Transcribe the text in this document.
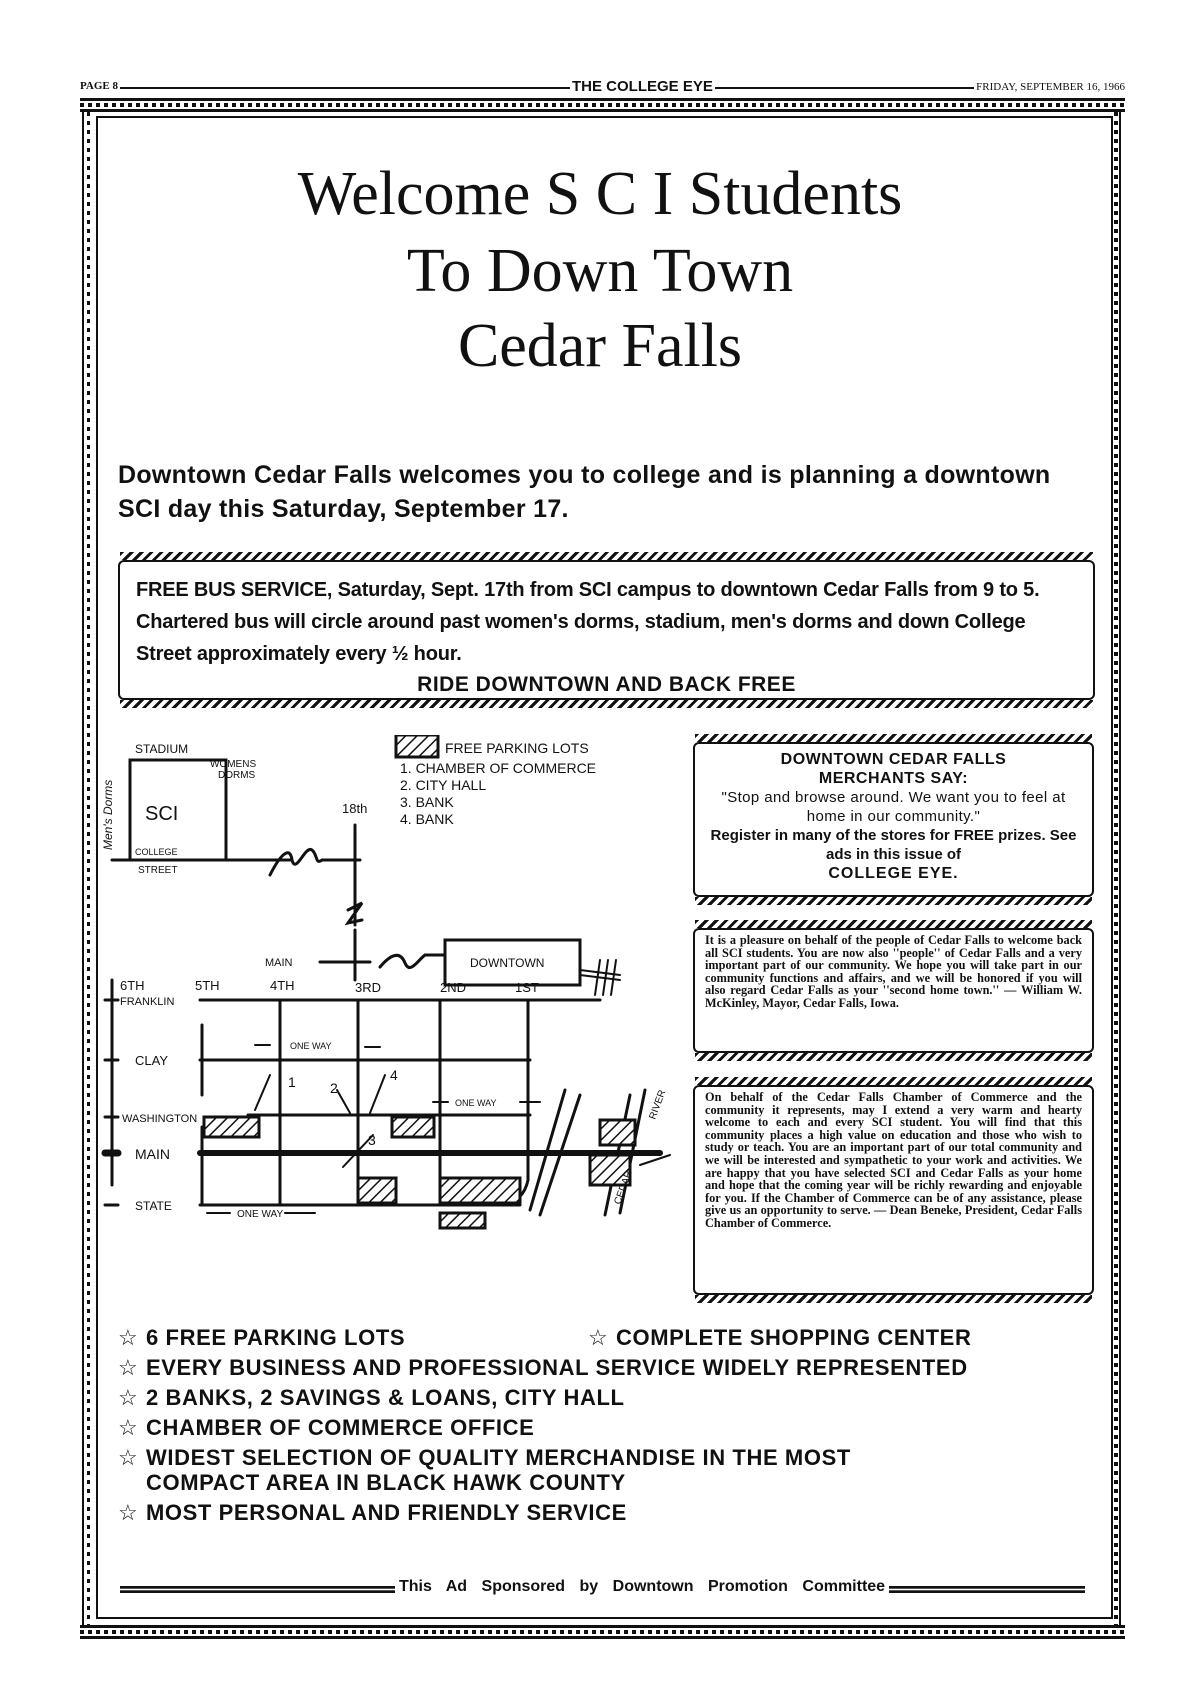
PAGE 8	THE COLLEGE EYE	FRIDAY, SEPTEMBER 16, 1966
Welcome S C I Students
To Down Town
Cedar Falls
Downtown Cedar Falls welcomes you to college and is planning a downtown SCI day this Saturday, September 17.
FREE BUS SERVICE, Saturday, Sept. 17th from SCI campus to downtown Cedar Falls from 9 to 5. Chartered bus will circle around past women's dorms, stadium, men's dorms and down College Street approximately every ½ hour.
RIDE DOWNTOWN AND BACK FREE
STADIUM
WOMENS
DORMS
Men's Dorms SCI
COLLEGE
STREET
18th
MAIN	DOWNTOWN
FREE PARKING LOTS
1. CHAMBER OF COMMERCE
2. CITY HALL
3. BANK
4. BANK
6TH	5TH	4TH	3RD	2ND	1ST
FRANKLIN
CLAY
WASHINGTON
MAIN
STATE
ONE WAY
ONE WAY
ONE WAY
1 2
3
4
RIVER
CEDAR
DOWNTOWN CEDAR FALLS
MERCHANTS SAY:
"Stop and browse around. We want you to feel at home in our community."
Register in many of the stores for FREE prizes. See ads in this issue of
COLLEGE EYE.
It is a pleasure on behalf of the people of Cedar Falls to welcome back all SCI students. You are now also ''people'' of Cedar Falls and a very important part of our community. We hope you will take part in our community functions and affairs, and we will be honored if you will also regard Cedar Falls as your ''second home town.'' — William W. McKinley, Mayor, Cedar Falls, Iowa.
On behalf of the Cedar Falls Chamber of Commerce and the community it represents, may I extend a very warm and hearty welcome to each and every SCI student. You will find that this community places a high value on education and those who wish to study or teach. You are an important part of our total community and we will be interested and sympathetic to your work and activities. We are happy that you have selected SCI and Cedar Falls as your home and hope that the coming year will be richly rewarding and enjoyable for you. If the Chamber of Commerce can be of any assistance, please give us an opportunity to serve. — Dean Beneke, President, Cedar Falls Chamber of Commerce.
☆ 6 FREE PARKING LOTS	☆ COMPLETE SHOPPING CENTER
☆ EVERY BUSINESS AND PROFESSIONAL SERVICE WIDELY REPRESENTED
☆ 2 BANKS, 2 SAVINGS & LOANS, CITY HALL
☆ CHAMBER OF COMMERCE OFFICE
☆ WIDEST SELECTION OF QUALITY MERCHANDISE IN THE MOST
COMPACT AREA IN BLACK HAWK COUNTY
☆ MOST PERSONAL AND FRIENDLY SERVICE
This Ad Sponsored by Downtown Promotion Committee
